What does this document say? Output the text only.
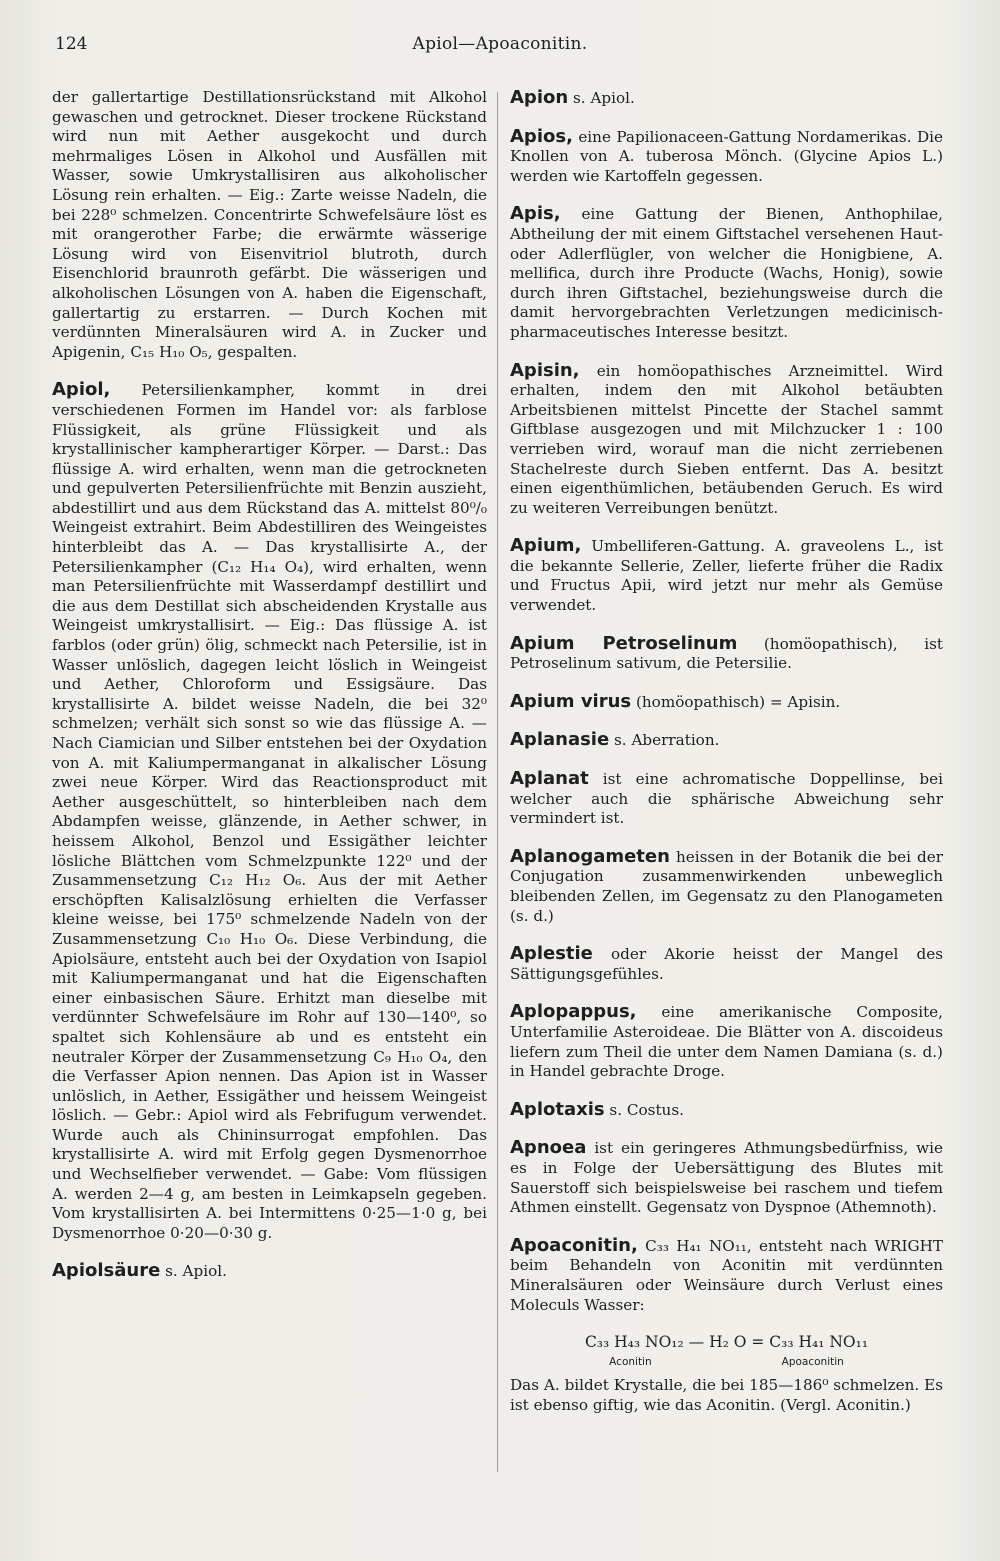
124	Apiol—Apoaconitin.

der gallertartige Destillationsrückstand mit Alkohol gewaschen und getrocknet. Dieser trockene Rückstand wird nun mit Aether ausgekocht und durch mehrmaliges Lösen in Alkohol und Ausfällen mit Wasser, sowie Umkrystallisiren aus alkoholischer Lösung rein erhalten. — Eig.: Zarte weisse Nadeln, die bei 228⁰ schmelzen. Concentrirte Schwefelsäure löst es mit orangerother Farbe; die erwärmte wässerige Lösung wird von Eisenvitriol blutroth, durch Eisenchlorid braunroth gefärbt. Die wässerigen und alkoholischen Lösungen von A. haben die Eigenschaft, gallertartig zu erstarren. — Durch Kochen mit verdünnten Mineralsäuren wird A. in Zucker und Apigenin, C₁₅ H₁₀ O₅, gespalten.

Apiol, Petersilienkampher, kommt in drei verschiedenen Formen im Handel vor: als farblose Flüssigkeit, als grüne Flüssigkeit und als krystallinischer kampherartiger Körper. — Darst.: Das flüssige A. wird erhalten, wenn man die getrockneten und gepulverten Petersilienfrüchte mit Benzin auszieht, abdestillirt und aus dem Rückstand das A. mittelst 80⁰/₀ Weingeist extrahirt. Beim Abdestilliren des Weingeistes hinterbleibt das A. — Das krystallisirte A., der Petersilienkampher (C₁₂ H₁₄ O₄), wird erhalten, wenn man Petersilienfrüchte mit Wasserdampf destillirt und die aus dem Destillat sich abscheidenden Krystalle aus Weingeist umkrystallisirt. — Eig.: Das flüssige A. ist farblos (oder grün) ölig, schmeckt nach Petersilie, ist in Wasser unlöslich, dagegen leicht löslich in Weingeist und Aether, Chloroform und Essigsäure. Das krystallisirte A. bildet weisse Nadeln, die bei 32⁰ schmelzen; verhält sich sonst so wie das flüssige A. — Nach Ciamician und Silber entstehen bei der Oxydation von A. mit Kaliumpermanganat in alkalischer Lösung zwei neue Körper. Wird das Reactionsproduct mit Aether ausgeschüttelt, so hinterbleiben nach dem Abdampfen weisse, glänzende, in Aether schwer, in heissem Alkohol, Benzol und Essigäther leichter lösliche Blättchen vom Schmelzpunkte 122⁰ und der Zusammensetzung C₁₂ H₁₂ O₆. Aus der mit Aether erschöpften Kalisalzlösung erhielten die Verfasser kleine weisse, bei 175⁰ schmelzende Nadeln von der Zusammensetzung C₁₀ H₁₀ O₆. Diese Verbindung, die Apiolsäure, entsteht auch bei der Oxydation von Isapiol mit Kaliumpermanganat und hat die Eigenschaften einer einbasischen Säure. Erhitzt man dieselbe mit verdünnter Schwefelsäure im Rohr auf 130—140⁰, so spaltet sich Kohlensäure ab und es entsteht ein neutraler Körper der Zusammensetzung C₉ H₁₀ O₄, den die Verfasser Apion nennen. Das Apion ist in Wasser unlöslich, in Aether, Essigäther und heissem Weingeist löslich. — Gebr.: Apiol wird als Febrifugum verwendet. Wurde auch als Chininsurrogat empfohlen. Das krystallisirte A. wird mit Erfolg gegen Dysmenorrhoe und Wechselfieber verwendet. — Gabe: Vom flüssigen A. werden 2—4 g, am besten in Leimkapseln gegeben. Vom krystallisirten A. bei Intermittens 0·25—1·0 g, bei Dysmenorrhoe 0·20—0·30 g.

Apiolsäure s. Apiol.

Apion s. Apiol.

Apios, eine Papilionaceen-Gattung Nordamerikas. Die Knollen von A. tuberosa Mönch. (Glycine Apios L.) werden wie Kartoffeln gegessen.

Apis, eine Gattung der Bienen, Anthophilae, Abtheilung der mit einem Giftstachel versehenen Haut- oder Adlerflügler, von welcher die Honigbiene, A. mellifica, durch ihre Producte (Wachs, Honig), sowie durch ihren Giftstachel, beziehungsweise durch die damit hervorgebrachten Verletzungen medicinisch-pharmaceutisches Interesse besitzt.

Apisin, ein homöopathisches Arzneimittel. Wird erhalten, indem den mit Alkohol betäubten Arbeitsbienen mittelst Pincette der Stachel sammt Giftblase ausgezogen und mit Milchzucker 1 : 100 verrieben wird, worauf man die nicht zerriebenen Stachelreste durch Sieben entfernt. Das A. besitzt einen eigenthümlichen, betäubenden Geruch. Es wird zu weiteren Verreibungen benützt.

Apium, Umbelliferen-Gattung. A. graveolens L., ist die bekannte Sellerie, Zeller, lieferte früher die Radix und Fructus Apii, wird jetzt nur mehr als Gemüse verwendet.

Apium Petroselinum (homöopathisch), ist Petroselinum sativum, die Petersilie.

Apium virus (homöopathisch) = Apisin.

Aplanasie s. Aberration.

Aplanat ist eine achromatische Doppellinse, bei welcher auch die sphärische Abweichung sehr vermindert ist.

Aplanogameten heissen in der Botanik die bei der Conjugation zusammenwirkenden unbeweglich bleibenden Zellen, im Gegensatz zu den Planogameten (s. d.)

Aplestie oder Akorie heisst der Mangel des Sättigungsgefühles.

Aplopappus, eine amerikanische Composite, Unterfamilie Asteroideae. Die Blätter von A. discoideus liefern zum Theil die unter dem Namen Damiana (s. d.) in Handel gebrachte Droge.

Aplotaxis s. Costus.

Apnoea ist ein geringeres Athmungsbedürfniss, wie es in Folge der Uebersättigung des Blutes mit Sauerstoff sich beispielsweise bei raschem und tiefem Athmen einstellt. Gegensatz von Dyspnoe (Athemnoth).

Apoaconitin, C₃₃ H₄₁ NO₁₁, entsteht nach WRIGHT beim Behandeln von Aconitin mit verdünnten Mineralsäuren oder Weinsäure durch Verlust eines Moleculs Wasser:

C₃₃ H₄₃ NO₁₂ — H₂ O = C₃₃ H₄₁ NO₁₁
Aconitin	Apoaconitin

Das A. bildet Krystalle, die bei 185—186⁰ schmelzen. Es ist ebenso giftig, wie das Aconitin. (Vergl. Aconitin.)
